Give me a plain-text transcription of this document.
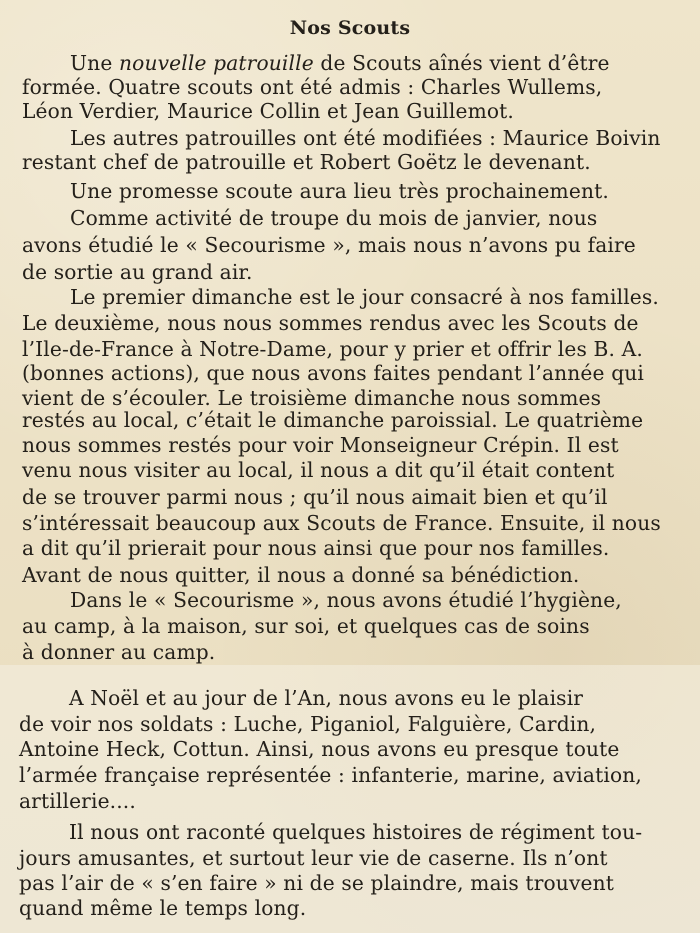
Nos Scouts
Une nouvelle patrouille de Scouts aînés vient d’être
formée. Quatre scouts ont été admis : Charles Wullems,
Léon Verdier, Maurice Collin et Jean Guillemot.
Les autres patrouilles ont été modifiées : Maurice Boivin
restant chef de patrouille et Robert Goëtz le devenant.
Une promesse scoute aura lieu très prochainement.
Comme activité de troupe du mois de janvier, nous
avons étudié le « Secourisme », mais nous n’avons pu faire
de sortie au grand air.
Le premier dimanche est le jour consacré à nos familles.
Le deuxième, nous nous sommes rendus avec les Scouts de
l’Ile-de-France à Notre-Dame, pour y prier et offrir les B. A.
(bonnes actions), que nous avons faites pendant l’année qui
vient de s’écouler. Le troisième dimanche nous sommes
restés au local, c’était le dimanche paroissial. Le quatrième
nous sommes restés pour voir Monseigneur Crépin. Il est
venu nous visiter au local, il nous a dit qu’il était content
de se trouver parmi nous ; qu’il nous aimait bien et qu’il
s’intéressait beaucoup aux Scouts de France. Ensuite, il nous
a dit qu’il prierait pour nous ainsi que pour nos familles.
Avant de nous quitter, il nous a donné sa bénédiction.
Dans le « Secourisme », nous avons étudié l’hygiène,
au camp, à la maison, sur soi, et quelques cas de soins
à donner au camp.
A Noël et au jour de l’An, nous avons eu le plaisir
de voir nos soldats : Luche, Piganiol, Falguière, Cardin,
Antoine Heck, Cottun. Ainsi, nous avons eu presque toute
l’armée française représentée : infanterie, marine, aviation,
artillerie....
Il nous ont raconté quelques histoires de régiment tou-
jours amusantes, et surtout leur vie de caserne. Ils n’ont
pas l’air de « s’en faire » ni de se plaindre, mais trouvent
quand même le temps long.
